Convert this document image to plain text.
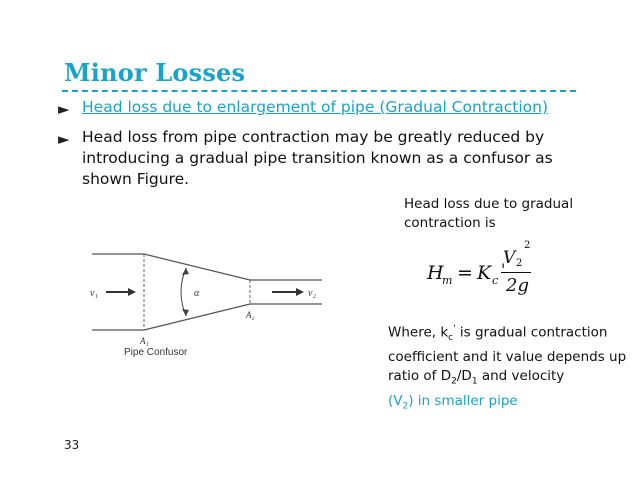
Minor Losses
► Head loss due to enlargement of pipe (Gradual Contraction)
► Head loss from pipe contraction may be greatly reduced by introducing a gradual pipe transition known as a confusor as shown Figure.
Head loss due to gradual contraction is
H
m = K c
'
V 2
2
2g
Where, $k_c'$ is gradual contraction coefficient and it value depends up ratio of $D_2/D_1$ and velocity
$(V_2)$ in smaller pipe
v₁	v₂
α
A₁
A₂
Pipe Confusor
33
